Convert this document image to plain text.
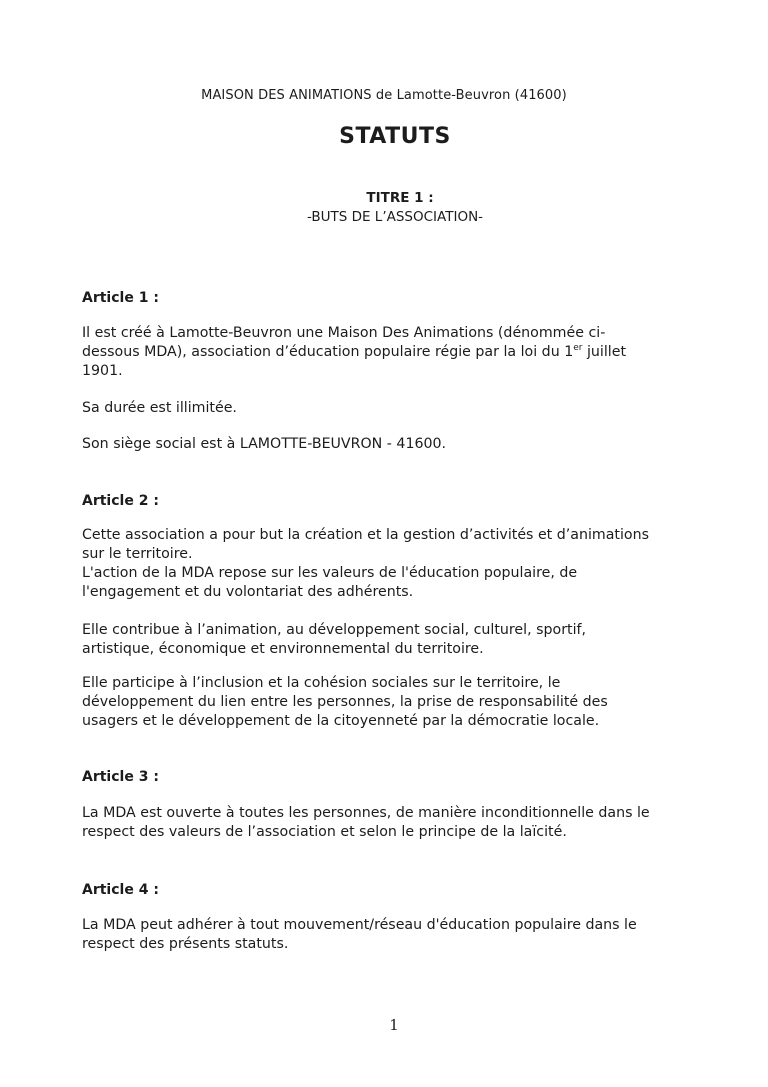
MAISON DES ANIMATIONS de Lamotte-Beuvron (41600)
STATUTS
TITRE 1 :
-BUTS DE L’ASSOCIATION-
Article 1 :
Il est créé à Lamotte-Beuvron une Maison Des Animations (dénommée ci-
dessous MDA), association d’éducation populaire régie par la loi du 1er juillet
1901.
Sa durée est illimitée.
Son siège social est à LAMOTTE-BEUVRON - 41600.
Article 2 :
Cette association a pour but la création et la gestion d’activités et d’animations
sur le territoire.
L'action de la MDA repose sur les valeurs de l'éducation populaire, de
l'engagement et du volontariat des adhérents.
Elle contribue à l’animation, au développement social, culturel, sportif,
artistique, économique et environnemental du territoire.
Elle participe à l’inclusion et la cohésion sociales sur le territoire, le
développement du lien entre les personnes, la prise de responsabilité des
usagers et le développement de la citoyenneté par la démocratie locale.
Article 3 :
La MDA est ouverte à toutes les personnes, de manière inconditionnelle dans le
respect des valeurs de l’association et selon le principe de la laïcité.
Article 4 :
La MDA peut adhérer à tout mouvement/réseau d'éducation populaire dans le
respect des présents statuts.
1
